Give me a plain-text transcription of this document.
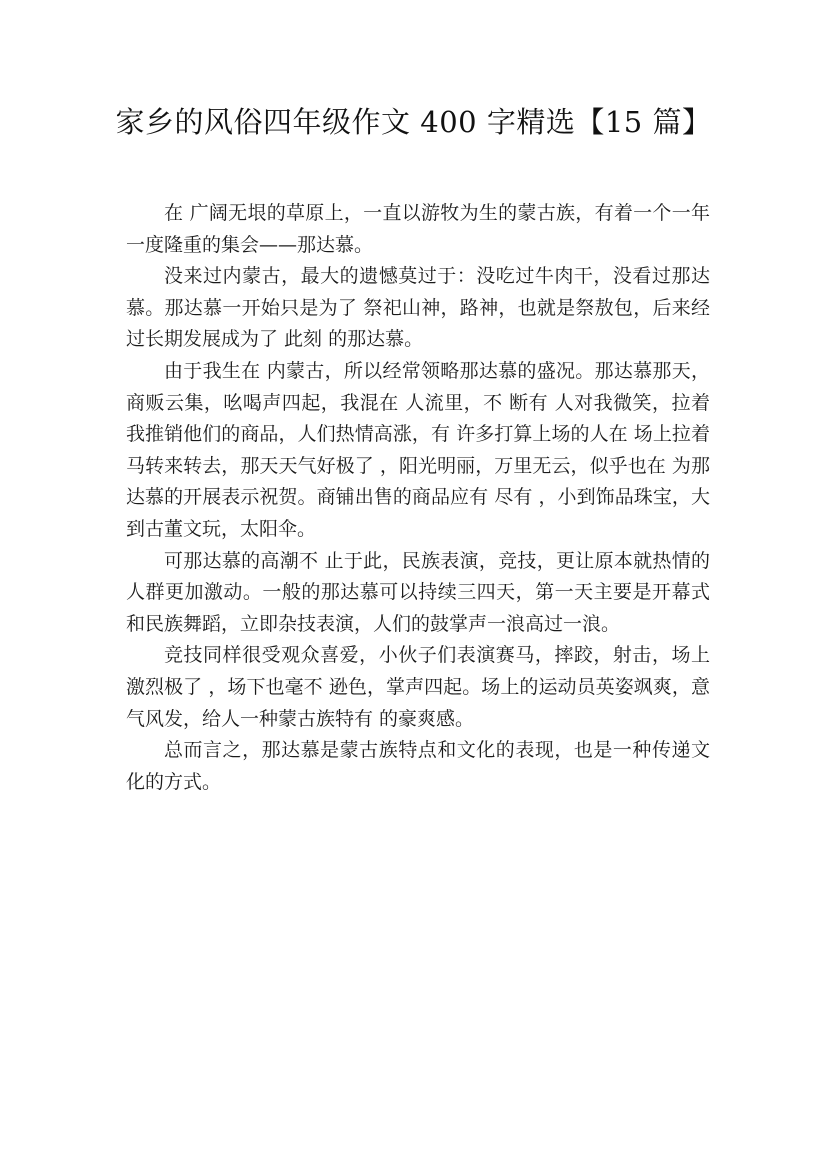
家乡的风俗四年级作文 400 字精选【15 篇】

在 广阔无垠的草原上，一直以游牧为生的蒙古族，有着一个一年一度隆重的集会——那达慕。

没来过内蒙古，最大的遗憾莫过于：没吃过牛肉干，没看过那达慕。那达慕一开始只是为了 祭祀山神，路神，也就是祭敖包，后来经过长期发展成为了 此刻 的那达慕。

由于我生在 内蒙古，所以经常领略那达慕的盛况。那达慕那天，商贩云集，吆喝声四起，我混在 人流里，不 断有 人对我微笑，拉着我推销他们的商品，人们热情高涨，有 许多打算上场的人在 场上拉着马转来转去，那天天气好极了 ，阳光明丽，万里无云，似乎也在 为那达慕的开展表示祝贺。商铺出售的商品应有 尽有 ，小到饰品珠宝，大到古董文玩，太阳伞。

可那达慕的高潮不 止于此，民族表演，竞技，更让原本就热情的人群更加激动。一般的那达慕可以持续三四天，第一天主要是开幕式和民族舞蹈，立即杂技表演，人们的鼓掌声一浪高过一浪。

竞技同样很受观众喜爱，小伙子们表演赛马，摔跤，射击，场上激烈极了 ，场下也毫不 逊色，掌声四起。场上的运动员英姿飒爽，意气风发，给人一种蒙古族特有 的豪爽感。

总而言之，那达慕是蒙古族特点和文化的表现，也是一种传递文化的方式。
